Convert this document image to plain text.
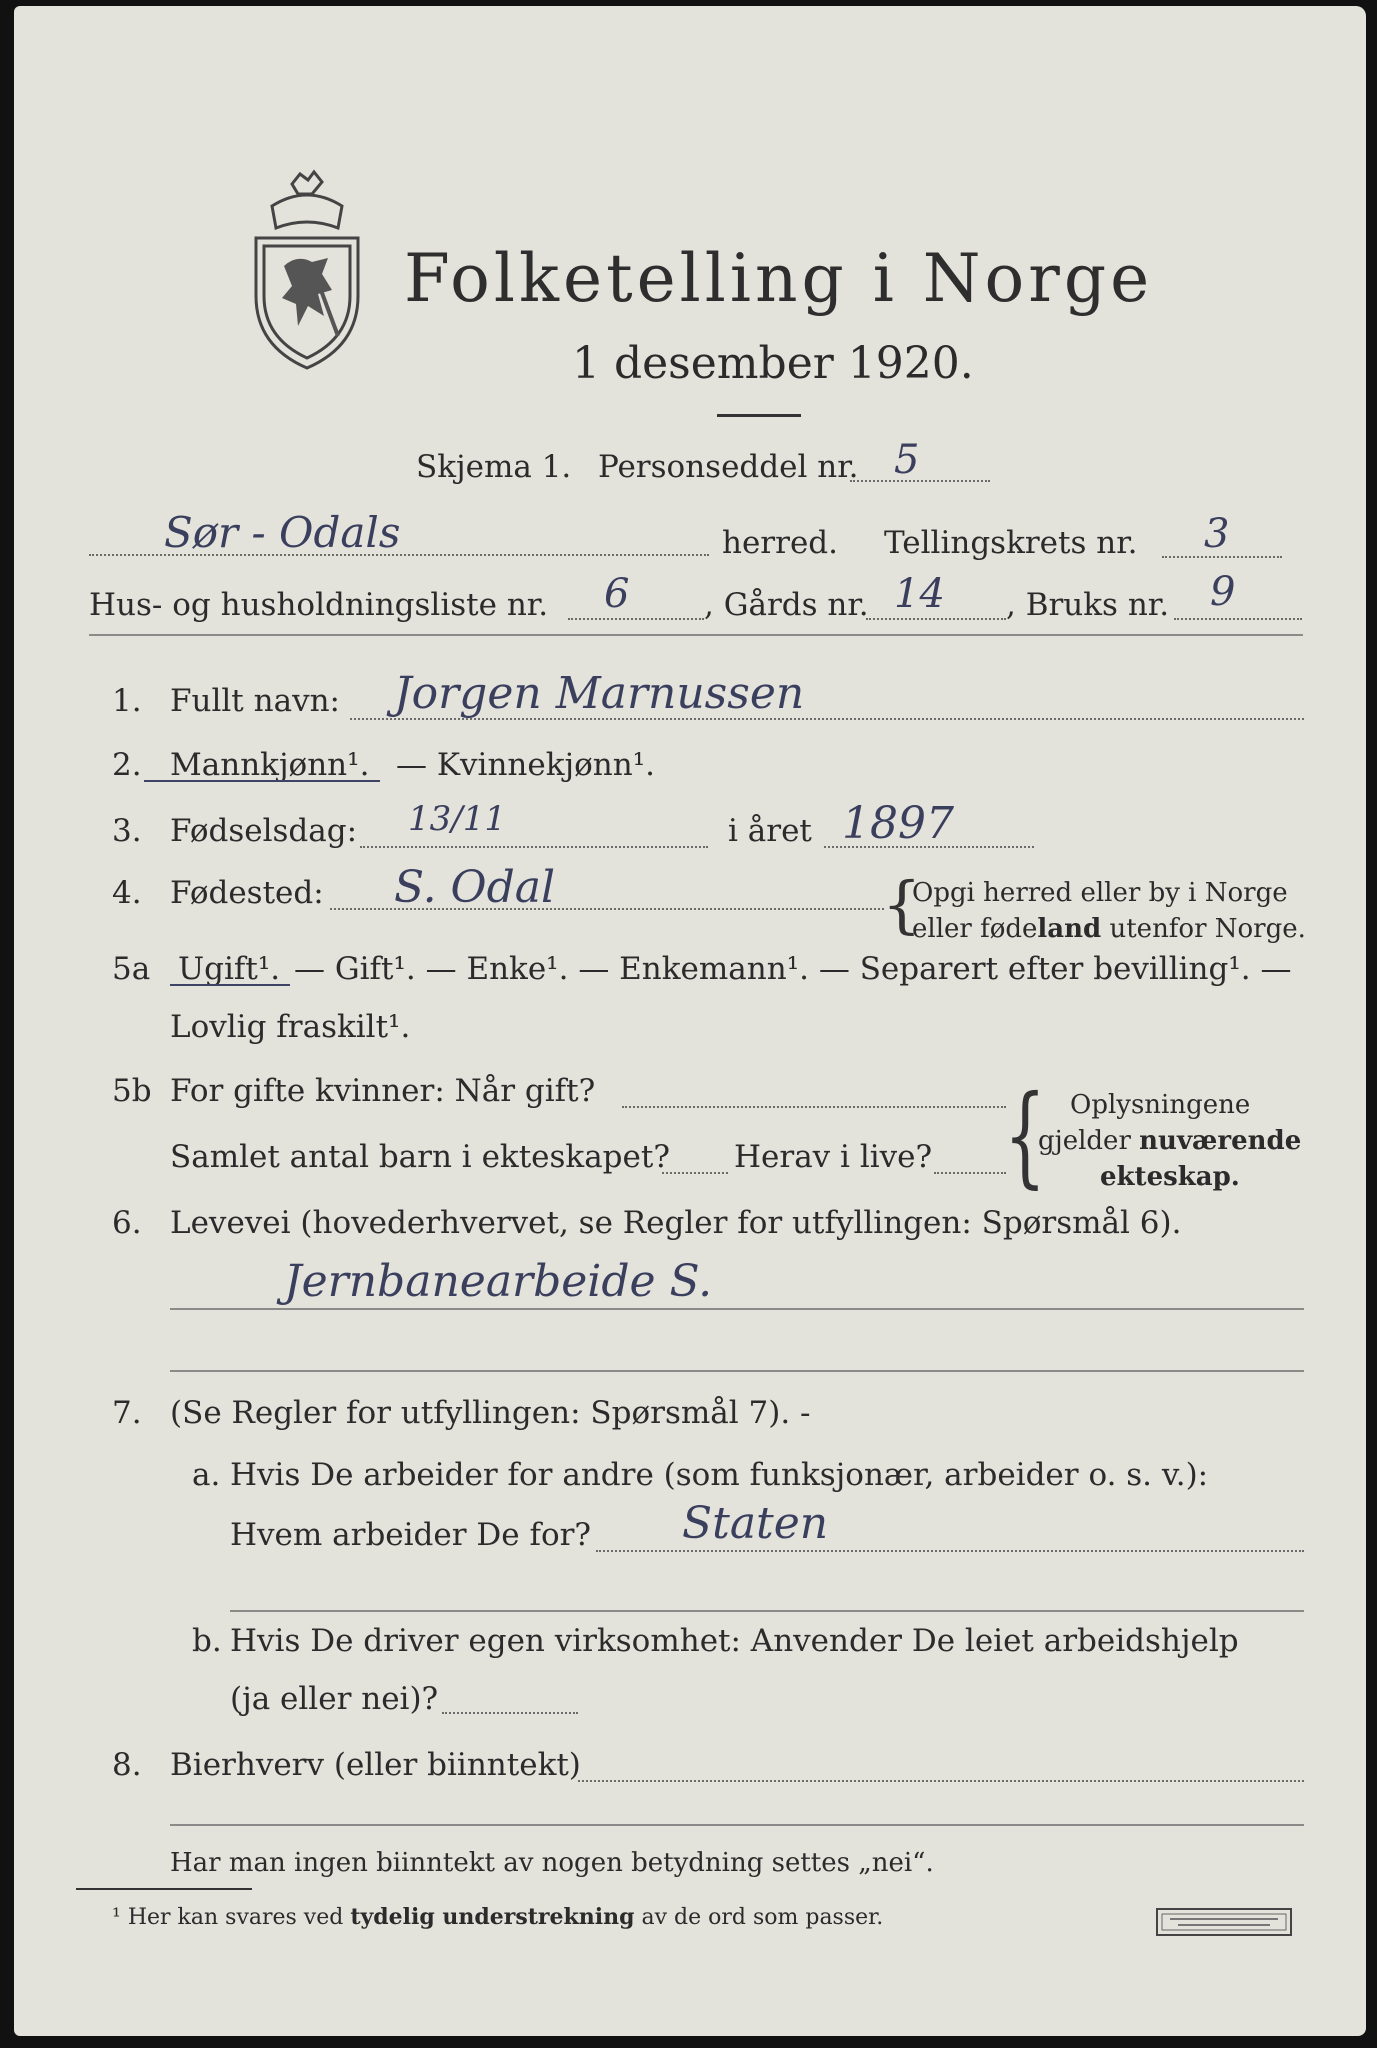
Folketelling i Norge
1 desember 1920.
Skjema 1. Personseddel nr. 5
Sør - Odals	herred. Tellingskrets nr. 3
Hus- og husholdningsliste nr. 6 , Gårds nr. 14 , Bruks nr. 9
1. Fullt navn: Jorgen Marnussen
2. Mannkjønn¹. — Kvinnekjønn¹.
3. Fødselsdag: 13/11	i året 1897
4. Fødested: S. Odal	{
Opgi herred eller by i Norge
eller fødeland utenfor Norge.
5a Ugift¹. — Gift¹. — Enke¹. — Enkemann¹. — Separert efter bevilling¹. —
Lovlig fraskilt¹.
5b For gifte kvinner: Når gift?
Samlet antal barn i ekteskapet? Herav i live? { Oplysningene
gjelder nuværende
ekteskap.
6. Levevei (hovederhvervet, se Regler for utfyllingen: Spørsmål 6).
Jernbanearbeide S.
7. (Se Regler for utfyllingen: Spørsmål 7). -
a. Hvis De arbeider for andre (som funksjonær, arbeider o. s. v.):
Hvem arbeider De for? Staten
b. Hvis De driver egen virksomhet: Anvender De leiet arbeidshjelp
(ja eller nei)?
8. Bierhverv (eller biinntekt)
Har man ingen biinntekt av nogen betydning settes „nei“.
¹ Her kan svares ved tydelig understrekning av de ord som passer.
